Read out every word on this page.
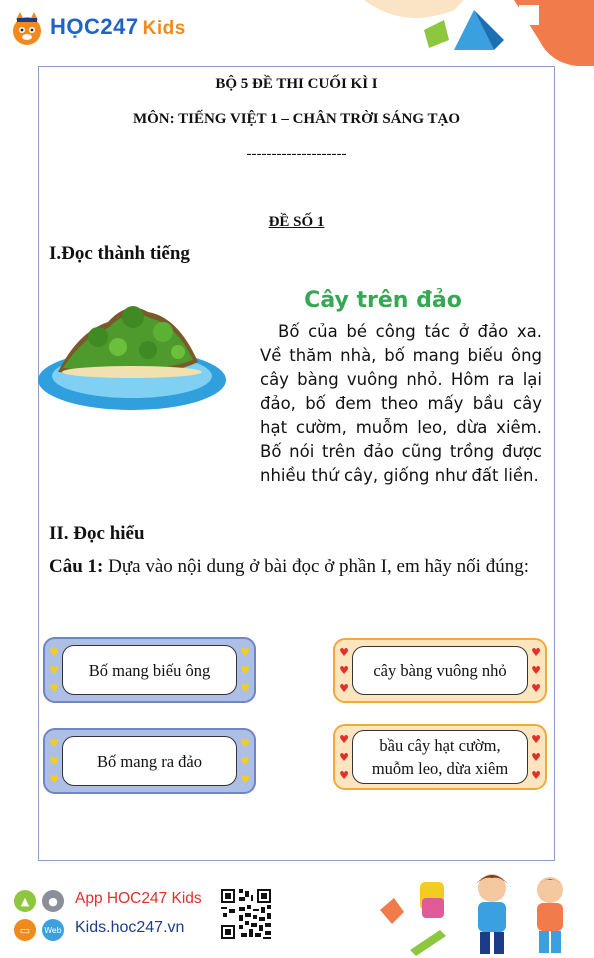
HỌC247 Kids
BỘ 5 ĐỀ THI CUỐI KÌ I
MÔN: TIẾNG VIỆT 1 – CHÂN TRỜI SÁNG TẠO
--------------------
ĐỀ SỐ 1
I.Đọc thành tiếng
Cây trên đảo
Bố của bé công tác ở đảo xa. Về thăm nhà, bố mang biếu ông cây bàng vuông nhỏ. Hôm ra lại đảo, bố đem theo mấy bầu cây hạt cườm, muỗm leo, dừa xiêm. Bố nói trên đảo cũng trồng được nhiều thứ cây, giống như đất liền.
II. Đọc hiểu
Câu 1: Dựa vào nội dung ở bài đọc ở phần I, em hãy nối đúng:
♥
♥
♥
Bố mang biếu ông
♥
♥
♥
♥
♥
♥
Bố mang ra đảo
♥
♥
♥
♥
♥
♥
cây bàng vuông nhỏ
♥
♥
♥
♥
♥
♥
bầu cây hạt cườm,
muỗm leo, dừa xiêm
♥
♥
♥
▲	●	App HOC247 Kids
▭	Web Kids.hoc247.vn
